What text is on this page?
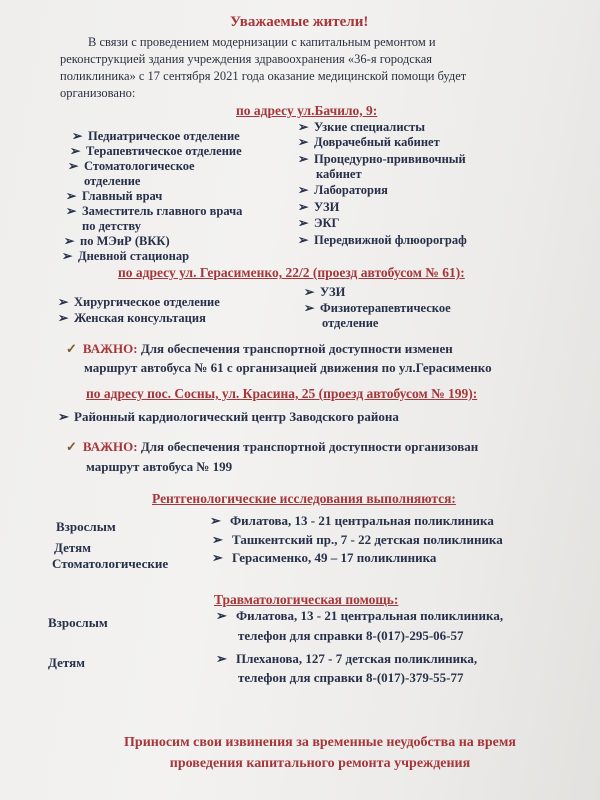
Уважаемые жители!
В связи с проведением модернизации с капитальным ремонтом и
реконструкцией здания учреждения здравоохранения «36-я городская
поликлиника» с 17 сентября 2021 года оказание медицинской помощи будет
организовано:
по адресу ул.Бачило, 9:
➢ Педиатрическое отделение
➢ Терапевтическое отделение
➢ Стоматологическое
отделение
➢ Главный врач
➢ Заместитель главного врача
по детству
➢ по МЭиР (ВКК)
➢ Дневной стационар
➢ Узкие специалисты
➢ Доврачебный кабинет
➢ Процедурно-прививочный
кабинет
➢ Лаборатория
➢ УЗИ
➢ ЭКГ
➢ Передвижной флюорограф
по адресу ул. Герасименко, 22/2 (проезд автобусом № 61):
➢ Хирургическое отделение
➢ Женская консультация
➢ УЗИ
➢ Физиотерапевтическое
отделение
✓ ВАЖНО: Для обеспечения транспортной доступности изменен
маршрут автобуса № 61 с организацией движения по ул.Герасименко
по адресу пос. Сосны, ул. Красина, 25 (проезд автобусом № 199):
➢ Районный кардиологический центр Заводского района
✓ ВАЖНО: Для обеспечения транспортной доступности организован
маршрут автобуса № 199
Рентгенологические исследования выполняются:
Взрослым
Детям
Стоматологические
➢ Филатова, 13 - 21 центральная поликлиника
➢ Ташкентский пр., 7 - 22 детская поликлиника
➢ Герасименко, 49 – 17 поликлиника
Травматологическая помощь:
Взрослым	➢ Филатова, 13 - 21 центральная поликлиника,
телефон для справки 8-(017)-295-06-57
Детям	➢ Плеханова, 127 - 7 детская поликлиника,
телефон для справки 8-(017)-379-55-77
Приносим свои извинения за временные неудобства на время
проведения капитального ремонта учреждения
